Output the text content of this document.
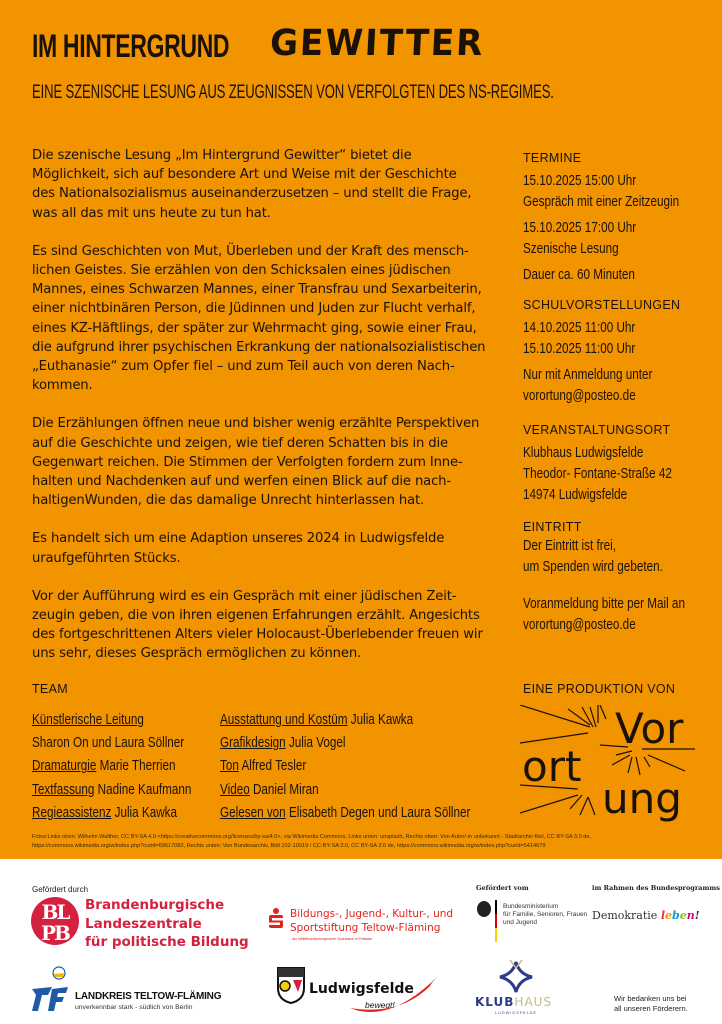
IM HINTERGRUND GEWITTER
EINE SZENISCHE LESUNG AUS ZEUGNISSEN VON VERFOLGTEN DES NS-REGIMES.

Die szenische Lesung „Im Hintergrund Gewitter“ bietet die
Möglichkeit, sich auf besondere Art und Weise mit der Geschichte
des Nationalsozialismus auseinanderzusetzen – und stellt die Frage,
was all das mit uns heute zu tun hat.

Es sind Geschichten von Mut, Überleben und der Kraft des mensch-
lichen Geistes. Sie erzählen von den Schicksalen eines jüdischen
Mannes, eines Schwarzen Mannes, einer Transfrau und Sexarbeiterin,
einer nichtbinären Person, die Jüdinnen und Juden zur Flucht verhalf,
eines KZ-Häftlings, der später zur Wehrmacht ging, sowie einer Frau,
die aufgrund ihrer psychischen Erkrankung der nationalsozialistischen
„Euthanasie“ zum Opfer fiel – und zum Teil auch von deren Nach-
kommen.

Die Erzählungen öffnen neue und bisher wenig erzählte Perspektiven
auf die Geschichte und zeigen, wie tief deren Schatten bis in die
Gegenwart reichen. Die Stimmen der Verfolgten fordern zum Inne-
halten und Nachdenken auf und werfen einen Blick auf die nach-
haltigenWunden, die das damalige Unrecht hinterlassen hat.

Es handelt sich um eine Adaption unseres 2024 in Ludwigsfelde
uraufgeführten Stücks.

Vor der Aufführung wird es ein Gespräch mit einer jüdischen Zeit-
zeugin geben, die von ihren eigenen Erfahrungen erzählt. Angesichts
des fortgeschrittenen Alters vieler Holocaust-Überlebender freuen wir
uns sehr, dieses Gespräch ermöglichen zu können.

TERMINE
15.10.2025 15:00 Uhr
Gespräch mit einer Zeitzeugin
15.10.2025 17:00 Uhr
Szenische Lesung
Dauer ca. 60 Minuten
SCHULVORSTELLUNGEN
14.10.2025 11:00 Uhr
15.10.2025 11:00 Uhr
Nur mit Anmeldung unter
vorortung@posteo.de
VERANSTALTUNGSORT
Klubhaus Ludwigsfelde
Theodor- Fontane-Straße 42
14974 Ludwigsfelde
EINTRITT
Der Eintritt ist frei,
um Spenden wird gebeten.
Voranmeldung bitte per Mail an
vorortung@posteo.de
TEAM
Künstlerische Leitung
Sharon On und Laura Söllner
Dramaturgie Marie Therrien
Textfassung Nadine Kaufmann
Regieassistenz Julia Kawka
Ausstattung und Kostüm Julia Kawka
Grafikdesign Julia Vogel
Ton Alfred Tesler
Video Daniel Miran
Gelesen von Elisabeth Degen und Laura Söllner
EINE PRODUKTION VON
Vor
ort
ung
Fotos:Links oben: Wilhelm Walther, CC BY-SA 4.0 <https://creativecommons.org/licenses/by-sa/4.0>, via Wikimedia Commons, Links unten: unsplash, Rechts oben: Von Autor/-in unbekannt - Stadtarchiv Kiel, CC BY-SA 3.0 de, https://commons.wikimedia.org/w/index.php?curid=69617082, Rechts unten: Von Bundesarchiv, Bild 102-10019 / CC-BY-SA 3.0, CC BY-SA 3.0 de, https://commons.wikimedia.org/w/index.php?curid=5414679
Gefördert durch
BL
PB
Brandenburgische
Landeszentrale
für politische Bildung
Bildungs-, Jugend-, Kultur-, und
Sportstiftung Teltow-Fläming
der Mittelbrandenburgischen Sparkasse in Potsdam
Gefördert vom
Bundesministerium
für Familie, Senioren, Frauen
und Jugend
im Rahmen des Bundesprogramms
Demokratie leben!
LANDKREIS TELTOW-FLÄMING
unverkennbar stark - südlich von Berlin
Ludwigsfelde
bewegt!	KLUBHAUS
LUDWIGSFELDE
Wir bedanken uns bei
all unseren Förderern.
